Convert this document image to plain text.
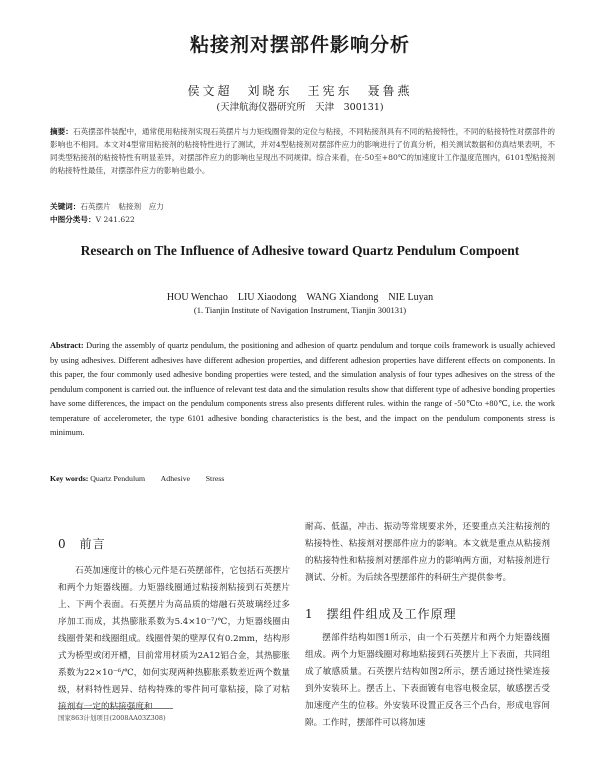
粘接剂对摆部件影响分析
侯文超　刘晓东　王宪东　聂鲁燕
(天津航海仪器研究所　天津　300131)
摘要：石英摆部件装配中，通常使用粘接剂实现石英摆片与力矩线圈骨架的定位与粘接，不同粘接剂具有不同的粘接特性，不同的粘接特性对摆部件的影响也不相同。本文对4型常用粘接剂的粘接特性进行了测试，并对4型粘接剂对摆部件应力的影响进行了仿真分析，相关测试数据和仿真结果表明，不同类型粘接剂的粘接特性有明显差异，对摆部件应力的影响也呈现出不同规律。综合来看，在-50至+80℃的加速度计工作温度范围内，6101型粘接剂的粘接特性最佳，对摆部件应力的影响也最小。
关键词：石英摆片　粘接剂　应力
中图分类号：V 241.622
Research on The Influence of Adhesive toward Quartz Pendulum Compoent
HOU Wenchao　LIU Xiaodong　WANG Xiandong　NIE Luyan
(1. Tianjin Institute of Navigation Instrument, Tianjin 300131)
Abstract: During the assembly of quartz pendulum, the positioning and adhesion of quartz pendulum and torque coils framework is usually achieved by using adhesives. Different adhesives have different adhesion properties, and different adhesion properties have different effects on components. In this paper, the four commonly used adhesive bonding properties were tested, and the simulation analysis of four types adhesives on the stress of the pendulum component is carried out. the influence of relevant test data and the simulation results show that different type of adhesive bonding properties have some differences, the impact on the pendulum components stress also presents different rules. within the range of -50℃to +80℃, i.e. the work temperature of accelerometer, the type 6101 adhesive bonding characteristics is the best, and the impact on the pendulum components stress is minimum.
Key words: Quartz Pendulum　　Adhesive　　Stress
0　前言
石英加速度计的核心元件是石英摆部件，它包括石英摆片和两个力矩器线圈。力矩器线圈通过粘接剂粘接到石英摆片上、下两个表面。石英摆片为高品质的熔融石英玻璃经过多序加工而成，其热膨胀系数为5.4×10⁻⁷/℃，力矩器线圈由线圈骨架和线圈组成。线圈骨架的壁厚仅有0.2mm，结构形式为桥型或闭开槽，目前常用材质为2A12铝合金，其热膨胀系数为22×10⁻⁶/℃，如何实现两种热膨胀系数差近两个数量级，材料特性迥异、结构特殊的零件间可靠粘接，除了对粘接剂有一定的粘接强度和
耐高、低温，冲击、振动等常规要求外，还要重点关注粘接剂的粘接特性、粘接剂对摆部件应力的影响。本文就是重点从粘接剂的粘接特性和粘接剂对摆部件应力的影响两方面，对粘接剂进行测试、分析。为后续各型摆部件的科研生产提供参考。
1　摆组件组成及工作原理
摆部件结构如图1所示，由一个石英摆片和两个力矩器线圈组成。两个力矩器线圈对称地粘接到石英摆片上下表面，共同组成了敏感质量。石英摆片结构如图2所示，摆舌通过挠性梁连接到外安装环上。摆舌上、下表面镀有电容电极金层，敏感摆舌受加速度产生的位移。外安装环设置正反各三个凸台，形成电容间隙。工作时，摆部件可以将加速
国家863计划项目(2008AA03Z308)
